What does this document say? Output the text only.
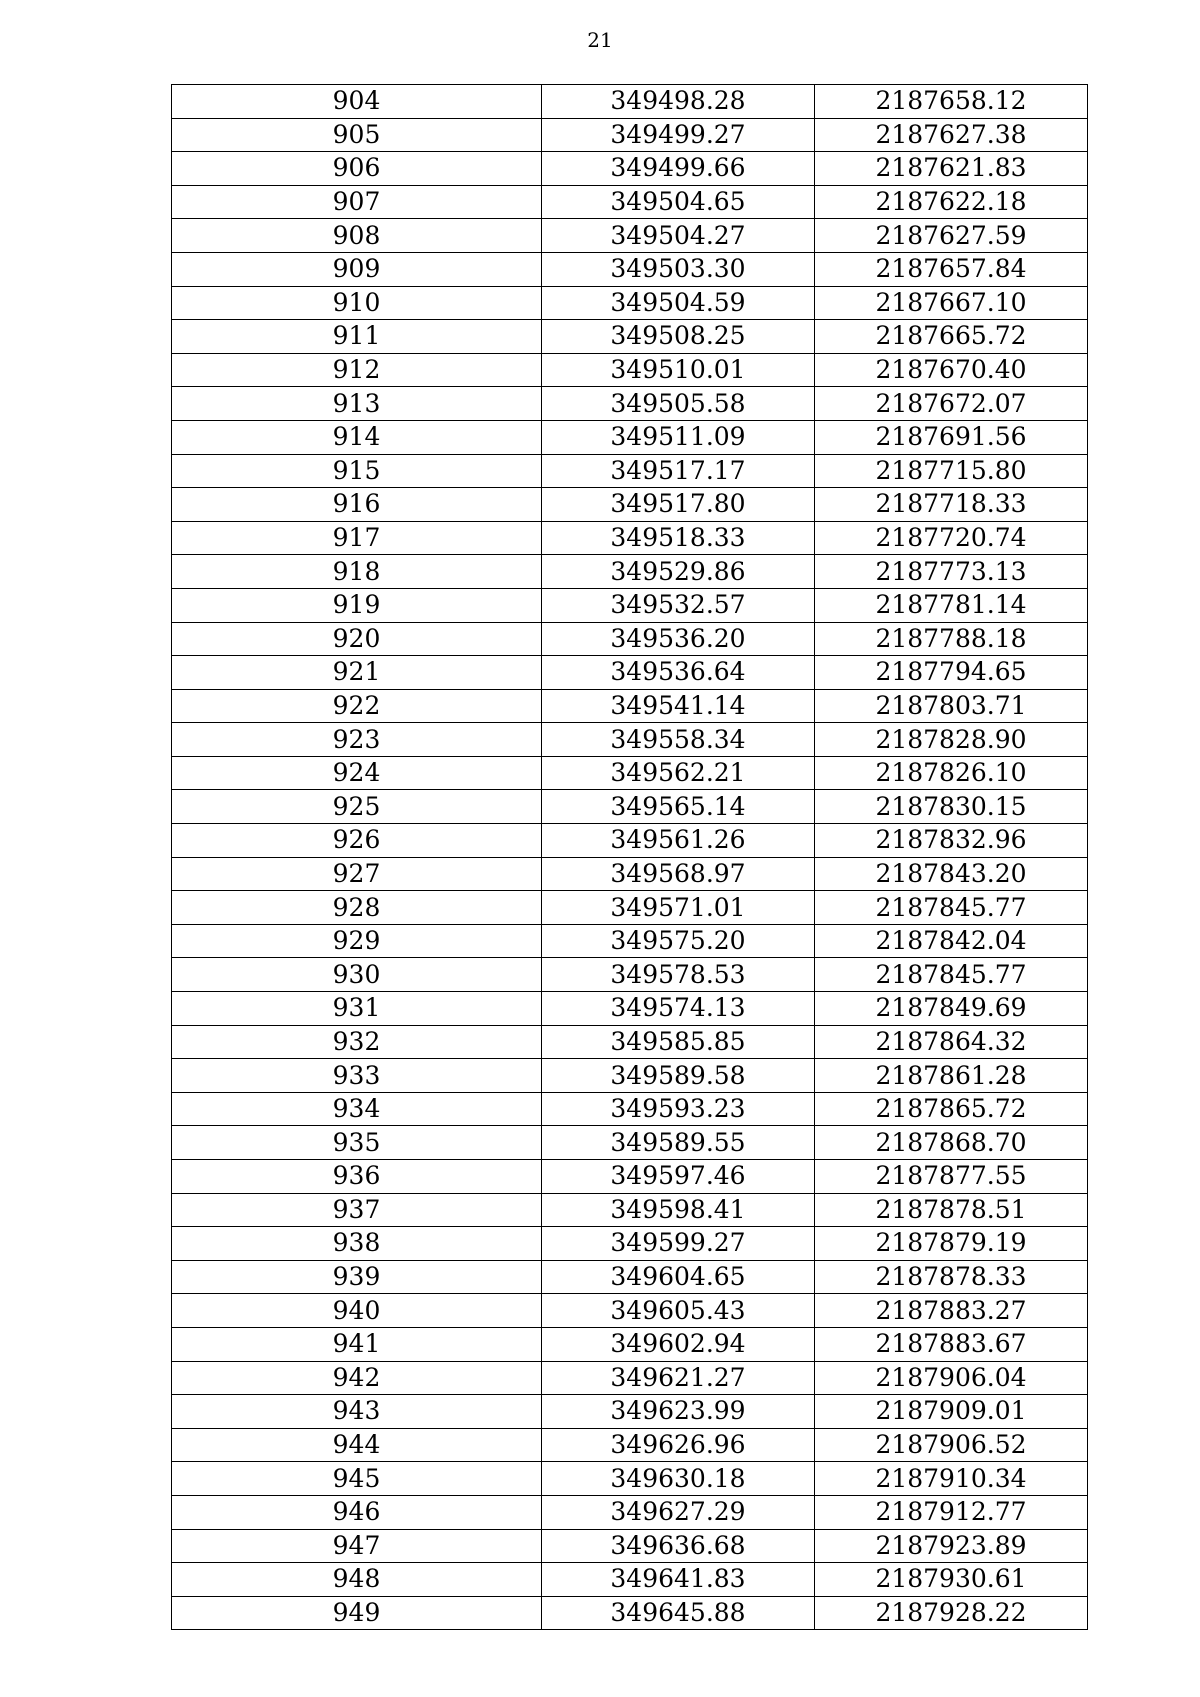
21
904	349498.28	2187658.12
905	349499.27	2187627.38
906	349499.66	2187621.83
907	349504.65	2187622.18
908	349504.27	2187627.59
909	349503.30	2187657.84
910	349504.59	2187667.10
911	349508.25	2187665.72
912	349510.01	2187670.40
913	349505.58	2187672.07
914	349511.09	2187691.56
915	349517.17	2187715.80
916	349517.80	2187718.33
917	349518.33	2187720.74
918	349529.86	2187773.13
919	349532.57	2187781.14
920	349536.20	2187788.18
921	349536.64	2187794.65
922	349541.14	2187803.71
923	349558.34	2187828.90
924	349562.21	2187826.10
925	349565.14	2187830.15
926	349561.26	2187832.96
927	349568.97	2187843.20
928	349571.01	2187845.77
929	349575.20	2187842.04
930	349578.53	2187845.77
931	349574.13	2187849.69
932	349585.85	2187864.32
933	349589.58	2187861.28
934	349593.23	2187865.72
935	349589.55	2187868.70
936	349597.46	2187877.55
937	349598.41	2187878.51
938	349599.27	2187879.19
939	349604.65	2187878.33
940	349605.43	2187883.27
941	349602.94	2187883.67
942	349621.27	2187906.04
943	349623.99	2187909.01
944	349626.96	2187906.52
945	349630.18	2187910.34
946	349627.29	2187912.77
947	349636.68	2187923.89
948	349641.83	2187930.61
949	349645.88	2187928.22
